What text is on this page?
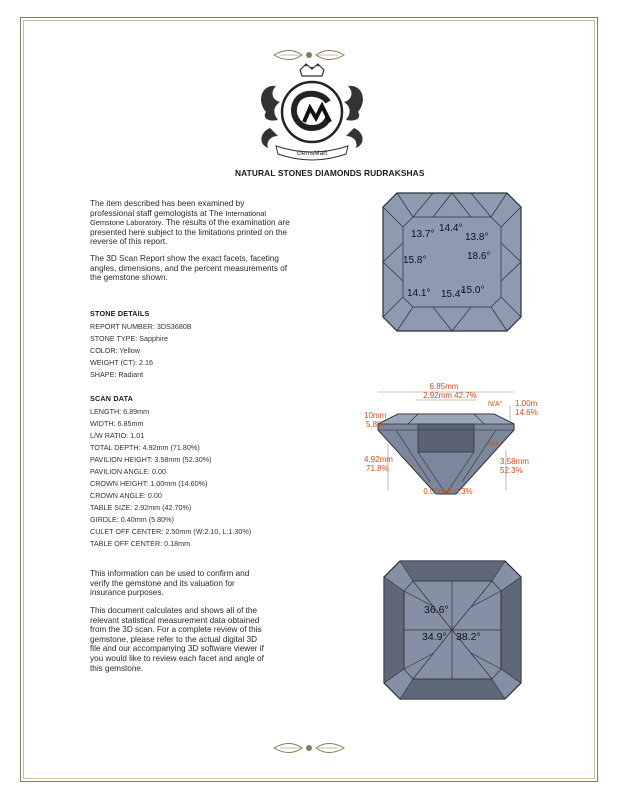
GemsMart
NATURAL STONES DIAMONDS RUDRAKSHAS
The item described has been examined by professional staff gemologists at The International Gemstone Laboratory. The results of the examination are presented here subject to the limitations printed on the reverse of this report.
The 3D Scan Report show the exact facets, faceting angles, dimensions, and the percent measurements of the gemstone shown.
STONE DETAILS
REPORT NUMBER: 3DS3680B
STONE TYPE: Sapphire
COLOR: Yellow
WEIGHT (CT): 2.16
SHAPE: Radiant
SCAN DATA
LENGTH: 6.89mm
WIDTH: 6.85mm
L/W RATIO: 1.01
TOTAL DEPTH: 4.92mm (71.80%)
PAVILION HEIGHT: 3.58mm (52.30%)
PAVILION ANGLE: 0.00
CROWN HEIGHT: 1.00mm (14.60%)
CROWN ANGLE: 0.00
TABLE SIZE: 2.92mm (42.70%)
GIRDLE: 0.40mm (5.80%)
CULET OFF CENTER: 2.50mm (W:2.10, L:1.30%)
TABLE OFF CENTER: 0.18mm
This information can be used to confirm and verify the gemstone and its valuation for insurance purposes.
This document calculates and shows all of the relevant statistical measurement data obtained from the 3D scan. For a complete review of this gemstone, please refer to the actual digital 3D file and our accompanying 3D software viewer if you would like to review each facet and angle of this gemstone.
13.7°
14.4°
13.8°
15.8°	18.6°
14.1° 15.4°
15.0°
6.85mm
2.92mm 42.7%
1.00m
14.6%
10mm
5.8%
N/A°
N/A°
4.92mm
71.8%
3.58mm
52.3%
0.02mm 0.3%
36.6°
34.9° 38.2°
